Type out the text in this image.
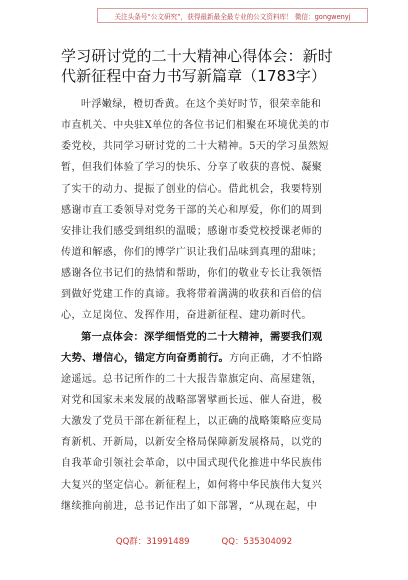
关注头条号“公文研究”，获得最新最全最专业的公文资料库！ 微信：gongwenyj
学习研讨党的二十大精神心得体会：新时
代新征程中奋力书写新篇章（1783字）
叶浮嫩绿，橙切香黄。在这个美好时节，很荣幸能和
市直机关、中央驻X单位的各位书记们相聚在环境优美的市
委党校，共同学习研讨党的二十大精神。5天的学习虽然短
暂，但我们体验了学习的快乐、分享了收获的喜悦、凝聚
了实干的动力、提振了创业的信心。借此机会，我要特别
感谢市直工委领导对党务干部的关心和厚爱，你们的周到
安排让我们感受到组织的温暖；感谢市委党校授课老师的
传道和解惑，你们的博学广识让我们品味到真理的甜味；
感谢各位书记们的热情和帮助，你们的敬业专长让我领悟
到做好党建工作的真谛。我将带着满满的收获和百倍的信
心，立足岗位、发挥作用，奋进新征程、建功新时代。
第一点体会：深学细悟党的二十大精神，需要我们观
大势、增信心，锚定方向奋勇前行。方向正确，才不怕路
途遥远。总书记所作的二十大报告靠旗定向、高屋建瓴，
对党和国家未来发展的战略部署擘画长远、催人奋进，极
大激发了党员干部在新征程上，以正确的战略策略应变局
育新机、开新局，以新安全格局保障新发展格局，以党的
自我革命引领社会革命，以中国式现代化推进中华民族伟
大复兴的坚定信心。新征程上，如何将中华民族伟大复兴
继续推向前进，总书记作出了如下部署，“从现在起，中
QQ群：31991489	QQ：535304092
